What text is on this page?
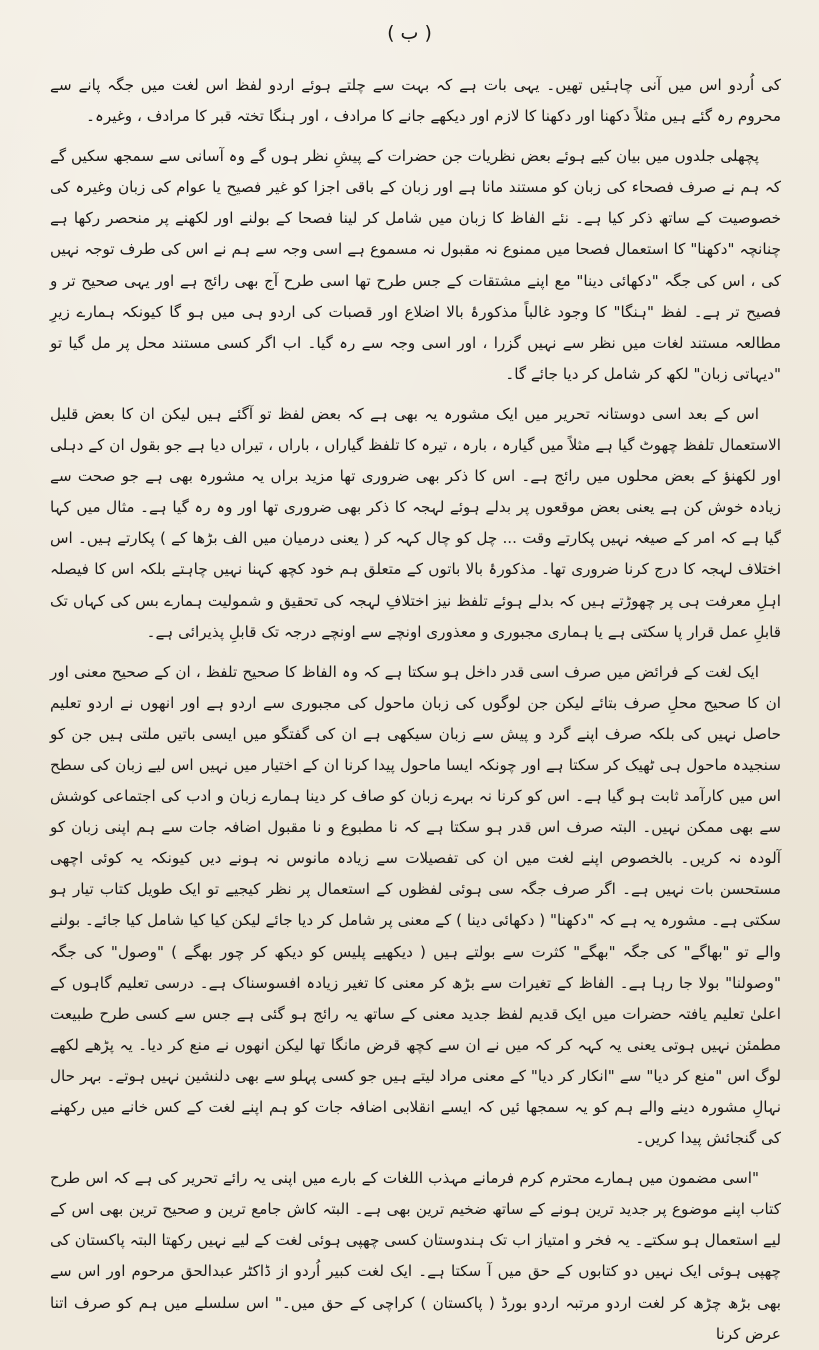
( ب )

کی اُردو اس میں آنی چاہئیں تھیں۔ یہی بات ہے کہ بہت سے چلتے ہوئے اردو لفظ اس لغت میں جگہ پانے سے محروم رہ گئے ہیں مثلاً دکھنا اور دکھنا کا لازم اور دیکھے جانے کا مرادف ، اور ہنگا تختہ قبر کا مرادف ، وغیرہ۔

پچھلی جلدوں میں بیان کیے ہوئے بعض نظریات جن حضرات کے پیشِ نظر ہوں گے وہ آسانی سے سمجھ سکیں گے کہ ہم نے صرف فصحاء کی زبان کو مستند مانا ہے اور زبان کے باقی اجزا کو غیر فصیح یا عوام کی زبان وغیرہ کی خصوصیت کے ساتھ ذکر کیا ہے۔ نئے الفاظ کا زبان میں شامل کر لینا فصحا کے بولنے اور لکھنے پر منحصر رکھا ہے چنانچہ "دکھنا" کا استعمال فصحا میں ممنوع نہ مقبول نہ مسموع ہے اسی وجہ سے ہم نے اس کی طرف توجہ نہیں کی ، اس کی جگہ "دکھائی دینا" مع اپنے مشتقات کے جس طرح تھا اسی طرح آج بھی رائج ہے اور یہی صحیح تر و فصیح تر ہے۔ لفظ "ہنگا" کا وجود غالباً مذکورۂ بالا اضلاع اور قصبات کی اردو ہی میں ہو گا کیونکہ ہمارے زیرِ مطالعہ مستند لغات میں نظر سے نہیں گزرا ، اور اسی وجہ سے رہ گیا۔ اب اگر کسی مستند محل پر مل گیا تو "دیہاتی زبان" لکھ کر شامل کر دیا جائے گا۔

اس کے بعد اسی دوستانہ تحریر میں ایک مشورہ یہ بھی ہے کہ بعض لفظ تو آگئے ہیں لیکن ان کا بعض قلیل الاستعمال تلفظ چھوٹ گیا ہے مثلاً میں گیارہ ، بارہ ، تیرہ کا تلفظ گیاراں ، باراں ، تیراں دیا ہے جو بقول ان کے دہلی اور لکھنؤ کے بعض محلوں میں رائج ہے۔ اس کا ذکر بھی ضروری تھا مزید براں یہ مشورہ بھی ہے جو صحت سے زیادہ خوش کن ہے یعنی بعض موقعوں پر بدلے ہوئے لہجہ کا ذکر بھی ضروری تھا اور وہ رہ گیا ہے۔ مثال میں کہا گیا ہے کہ امر کے صیغہ نہیں پکارتے وقت ... چل کو چال کہہ کر ( یعنی درمیان میں الف بڑھا کے ) پکارتے ہیں۔ اس اختلاف لہجہ کا درج کرنا ضروری تھا۔ مذکورۂ بالا باتوں کے متعلق ہم خود کچھ کہنا نہیں چاہتے بلکہ اس کا فیصلہ اہلِ معرفت ہی پر چھوڑتے ہیں کہ بدلے ہوئے تلفظ نیز اختلافِ لہجہ کی تحقیق و شمولیت ہمارے بس کی کہاں تک قابلِ عمل قرار پا سکتی ہے یا ہماری مجبوری و معذوری اونچے سے اونچے درجہ تک قابلِ پذیرائی ہے۔

ایک لغت کے فرائض میں صرف اسی قدر داخل ہو سکتا ہے کہ وہ الفاظ کا صحیح تلفظ ، ان کے صحیح معنی اور ان کا صحیح محلِ صرف بتائے لیکن جن لوگوں کی زبان ماحول کی مجبوری سے اردو ہے اور انھوں نے اردو تعلیم حاصل نہیں کی بلکہ صرف اپنے گرد و پیش سے زبان سیکھی ہے ان کی گفتگو میں ایسی باتیں ملتی ہیں جن کو سنجیدہ ماحول ہی ٹھیک کر سکتا ہے اور چونکہ ایسا ماحول پیدا کرنا ان کے اختیار میں نہیں اس لیے زبان کی سطح اس میں کارآمد ثابت ہو گیا ہے۔ اس کو کرنا نہ بہرے زبان کو صاف کر دینا ہمارے زبان و ادب کی اجتماعی کوشش سے بھی ممکن نہیں۔ البتہ صرف اس قدر ہو سکتا ہے کہ نا مطبوع و نا مقبول اضافہ جات سے ہم اپنی زبان کو آلودہ نہ کریں۔ بالخصوص اپنے لغت میں ان کی تفصیلات سے زیادہ مانوس نہ ہونے دیں کیونکہ یہ کوئی اچھی مستحسن بات نہیں ہے۔ اگر صرف جگہ سی ہوئی لفظوں کے استعمال پر نظر کیجیے تو ایک طویل کتاب تیار ہو سکتی ہے۔ مشورہ یہ ہے کہ "دکھنا" ( دکھائی دینا ) کے معنی پر شامل کر دیا جائے لیکن کیا کیا شامل کیا جائے۔ بولنے والے تو "بھاگے" کی جگہ "بھگے" کثرت سے بولتے ہیں ( دیکھیے پلیس کو دیکھ کر چور بھگے ) "وصول" کی جگہ "وصولنا" بولا جا رہا ہے۔ الفاظ کے تغیرات سے بڑھ کر معنی کا تغیر زیادہ افسوسناک ہے۔ درسی تعلیم گاہوں کے اعلیٰ تعلیم یافتہ حضرات میں ایک قدیم لفظ جدید معنی کے ساتھ یہ رائج ہو گئی ہے جس سے کسی طرح طبیعت مطمئن نہیں ہوتی یعنی یہ کہہ کر کہ میں نے ان سے کچھ قرض مانگا تھا لیکن انھوں نے منع کر دیا۔ یہ پڑھے لکھے لوگ اس "منع کر دیا" سے "انکار کر دیا" کے معنی مراد لیتے ہیں جو کسی پہلو سے بھی دلنشین نہیں ہوتے۔ بہر حال نہالِ مشورہ دینے والے ہم کو یہ سمجھا ئیں کہ ایسے انقلابی اضافہ جات کو ہم اپنے لغت کے کس خانے میں رکھنے کی گنجائش پیدا کریں۔

"اسی مضمون میں ہمارے محترم کرم فرمانے مہذب اللغات کے بارے میں اپنی یہ رائے تحریر کی ہے کہ اس طرح کتاب اپنے موضوع پر جدید ترین ہونے کے ساتھ ضخیم ترین بھی ہے۔ البتہ کاش جامع ترین و صحیح ترین بھی اس کے لیے استعمال ہو سکتے۔ یہ فخر و امتیاز اب تک ہندوستان کسی چھپی ہوئی لغت کے لیے نہیں رکھتا البتہ پاکستان کی چھپی ہوئی ایک نہیں دو کتابوں کے حق میں آ سکتا ہے۔ ایک لغت کبیر اُردو از ڈاکٹر عبدالحق مرحوم اور اس سے بھی بڑھ چڑھ کر لغت اردو مرتبہ اردو بورڈ ( پاکستان ) کراچی کے حق میں۔" اس سلسلے میں ہم کو صرف اتنا عرض کرنا
